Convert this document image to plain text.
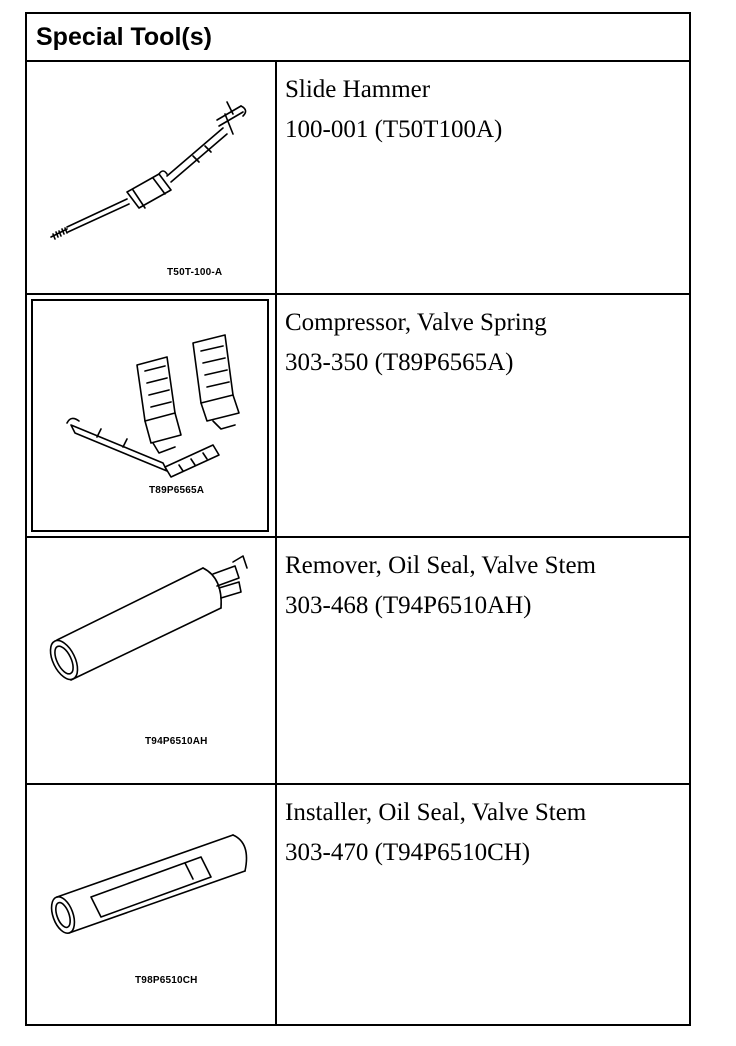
Special Tool(s)
T50T-100-A
Slide Hammer
100-001 (T50T100A)
T89P6565A
Compressor, Valve Spring
303-350 (T89P6565A)
T94P6510AH
Remover, Oil Seal, Valve Stem
303-468 (T94P6510AH)
T98P6510CH
Installer, Oil Seal, Valve Stem
303-470 (T94P6510CH)
